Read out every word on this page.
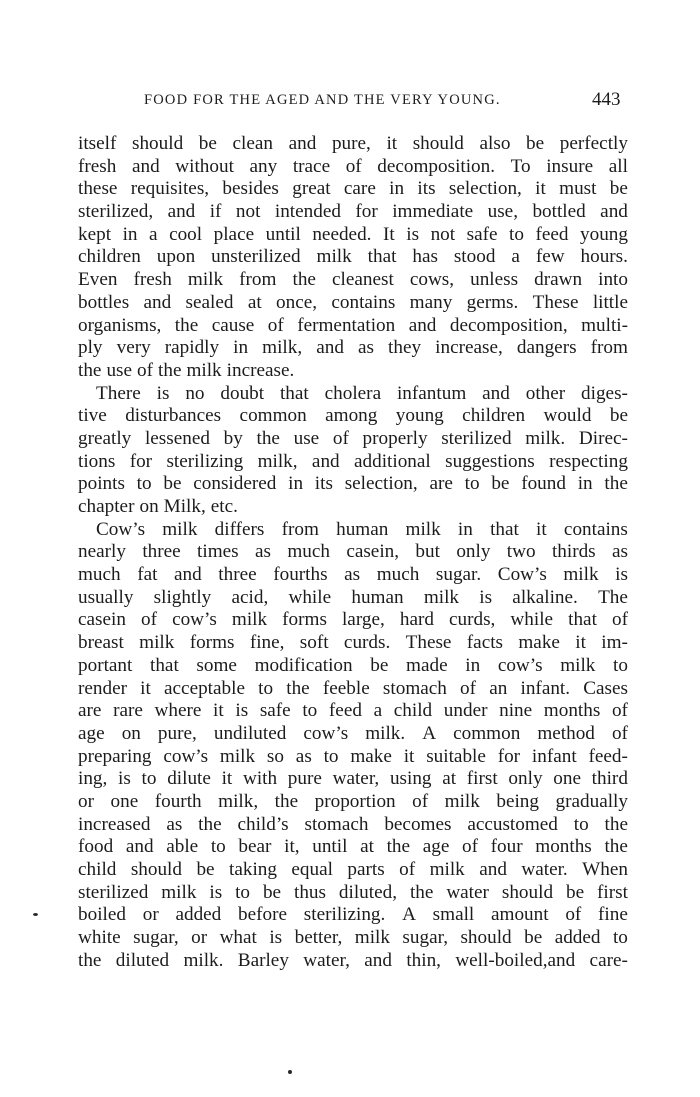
FOOD FOR THE AGED AND THE VERY YOUNG.	443
itself should be clean and pure, it should also be perfectly
fresh and without any trace of decomposition. To insure all
these requisites, besides great care in its selection, it must be
sterilized, and if not intended for immediate use, bottled and
kept in a cool place until needed. It is not safe to feed young
children upon unsterilized milk that has stood a few hours.
Even fresh milk from the cleanest cows, unless drawn into
bottles and sealed at once, contains many germs. These little
organisms, the cause of fermentation and decomposition, multi-
ply very rapidly in milk, and as they increase, dangers from
the use of the milk increase.
There is no doubt that cholera infantum and other diges-
tive disturbances common among young children would be
greatly lessened by the use of properly sterilized milk. Direc-
tions for sterilizing milk, and additional suggestions respecting
points to be considered in its selection, are to be found in the
chapter on Milk, etc.
Cow’s milk differs from human milk in that it contains
nearly three times as much casein, but only two thirds as
much fat and three fourths as much sugar. Cow’s milk is
usually slightly acid, while human milk is alkaline. The
casein of cow’s milk forms large, hard curds, while that of
breast milk forms fine, soft curds. These facts make it im-
portant that some modification be made in cow’s milk to
render it acceptable to the feeble stomach of an infant. Cases
are rare where it is safe to feed a child under nine months of
age on pure, undiluted cow’s milk. A common method of
preparing cow’s milk so as to make it suitable for infant feed-
ing, is to dilute it with pure water, using at first only one third
or one fourth milk, the proportion of milk being gradually
increased as the child’s stomach becomes accustomed to the
food and able to bear it, until at the age of four months the
child should be taking equal parts of milk and water. When
sterilized milk is to be thus diluted, the water should be first
boiled or added before sterilizing. A small amount of fine
white sugar, or what is better, milk sugar, should be added to
the diluted milk. Barley water, and thin, well-boiled,and care-
